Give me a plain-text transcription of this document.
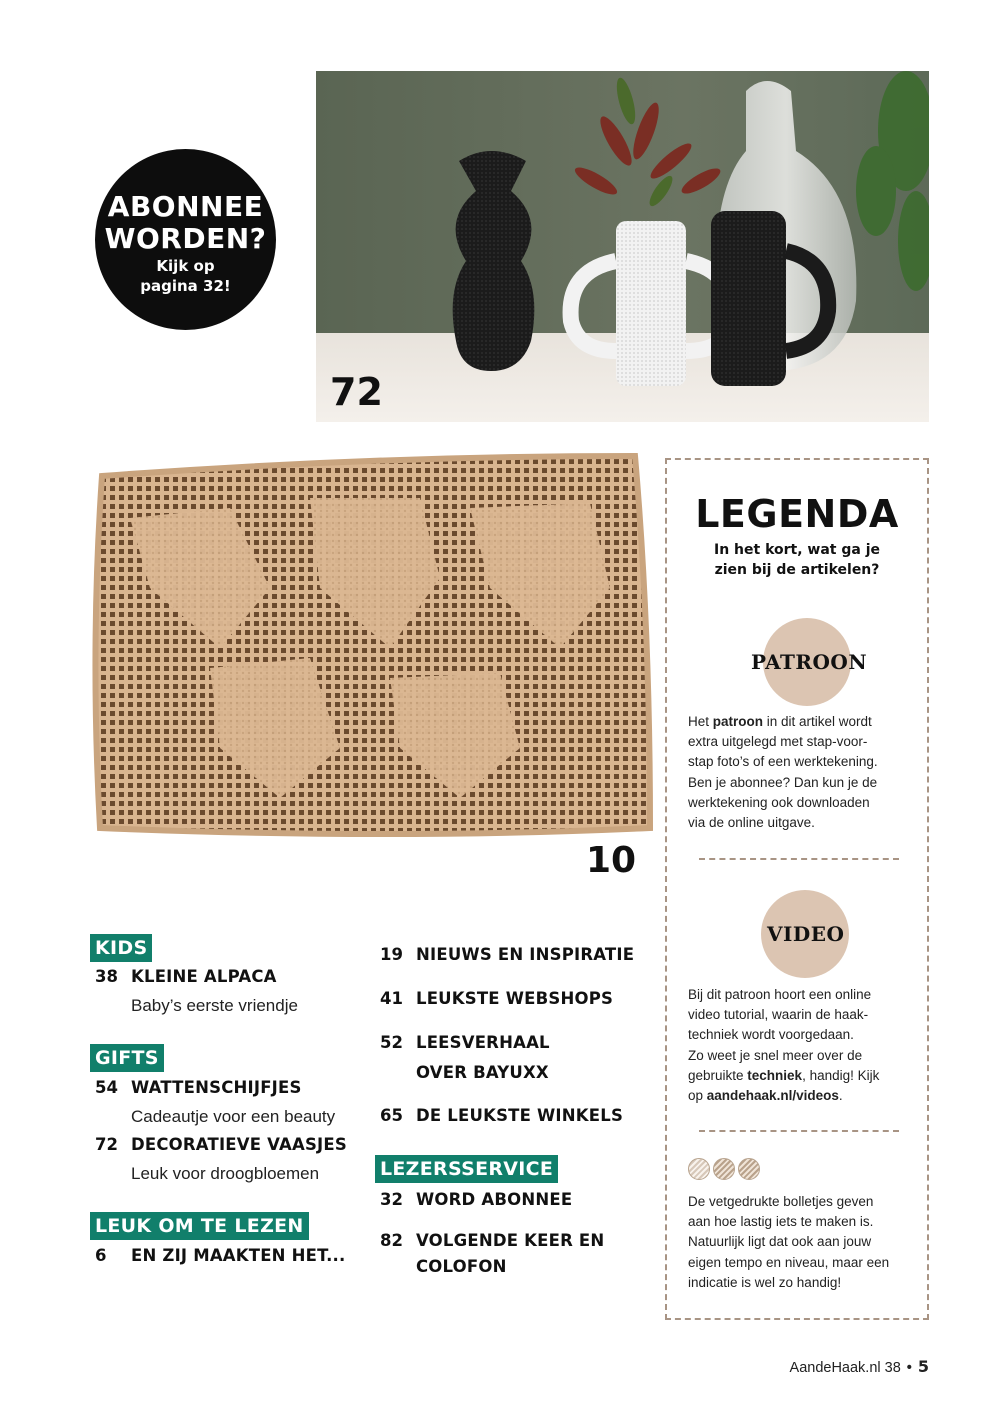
72
ABONNEE
WORDEN?
Kijk op
pagina 32!
10
LEGENDA
In het kort, wat ga je
zien bij de artikelen?
PATROON
Het patroon in dit artikel wordt
extra uitgelegd met stap-voor-
stap foto’s of een werktekening.
Ben je abonnee? Dan kun je de
werktekening ook downloaden
via de online uitgave.
VIDEO
Bij dit patroon hoort een online
video tutorial, waarin de haak-
techniek wordt voorgedaan.
Zo weet je snel meer over de
gebruikte techniek, handig! Kijk
op aandehaak.nl/videos.
De vetgedrukte bolletjes geven
aan hoe lastig iets te maken is.
Natuurlijk ligt dat ook aan jouw
eigen tempo en niveau, maar een
indicatie is wel zo handig!
KIDS
38 KLEINE ALPACA
Baby’s eerste vriendje
GIFTS
54 WATTENSCHIJFJES
Cadeautje voor een beauty
72 DECORATIEVE VAASJES
Leuk voor droogbloemen
LEUK OM TE LEZEN
6 EN ZIJ MAAKTEN HET...
19 NIEUWS EN INSPIRATIE
41 LEUKSTE WEBSHOPS
52 LEESVERHAAL
OVER BAYUXX
65 DE LEUKSTE WINKELS
LEZERSSERVICE
32 WORD ABONNEE
82 VOLGENDE KEER EN
COLOFON
AandeHaak.nl 38 • 5
